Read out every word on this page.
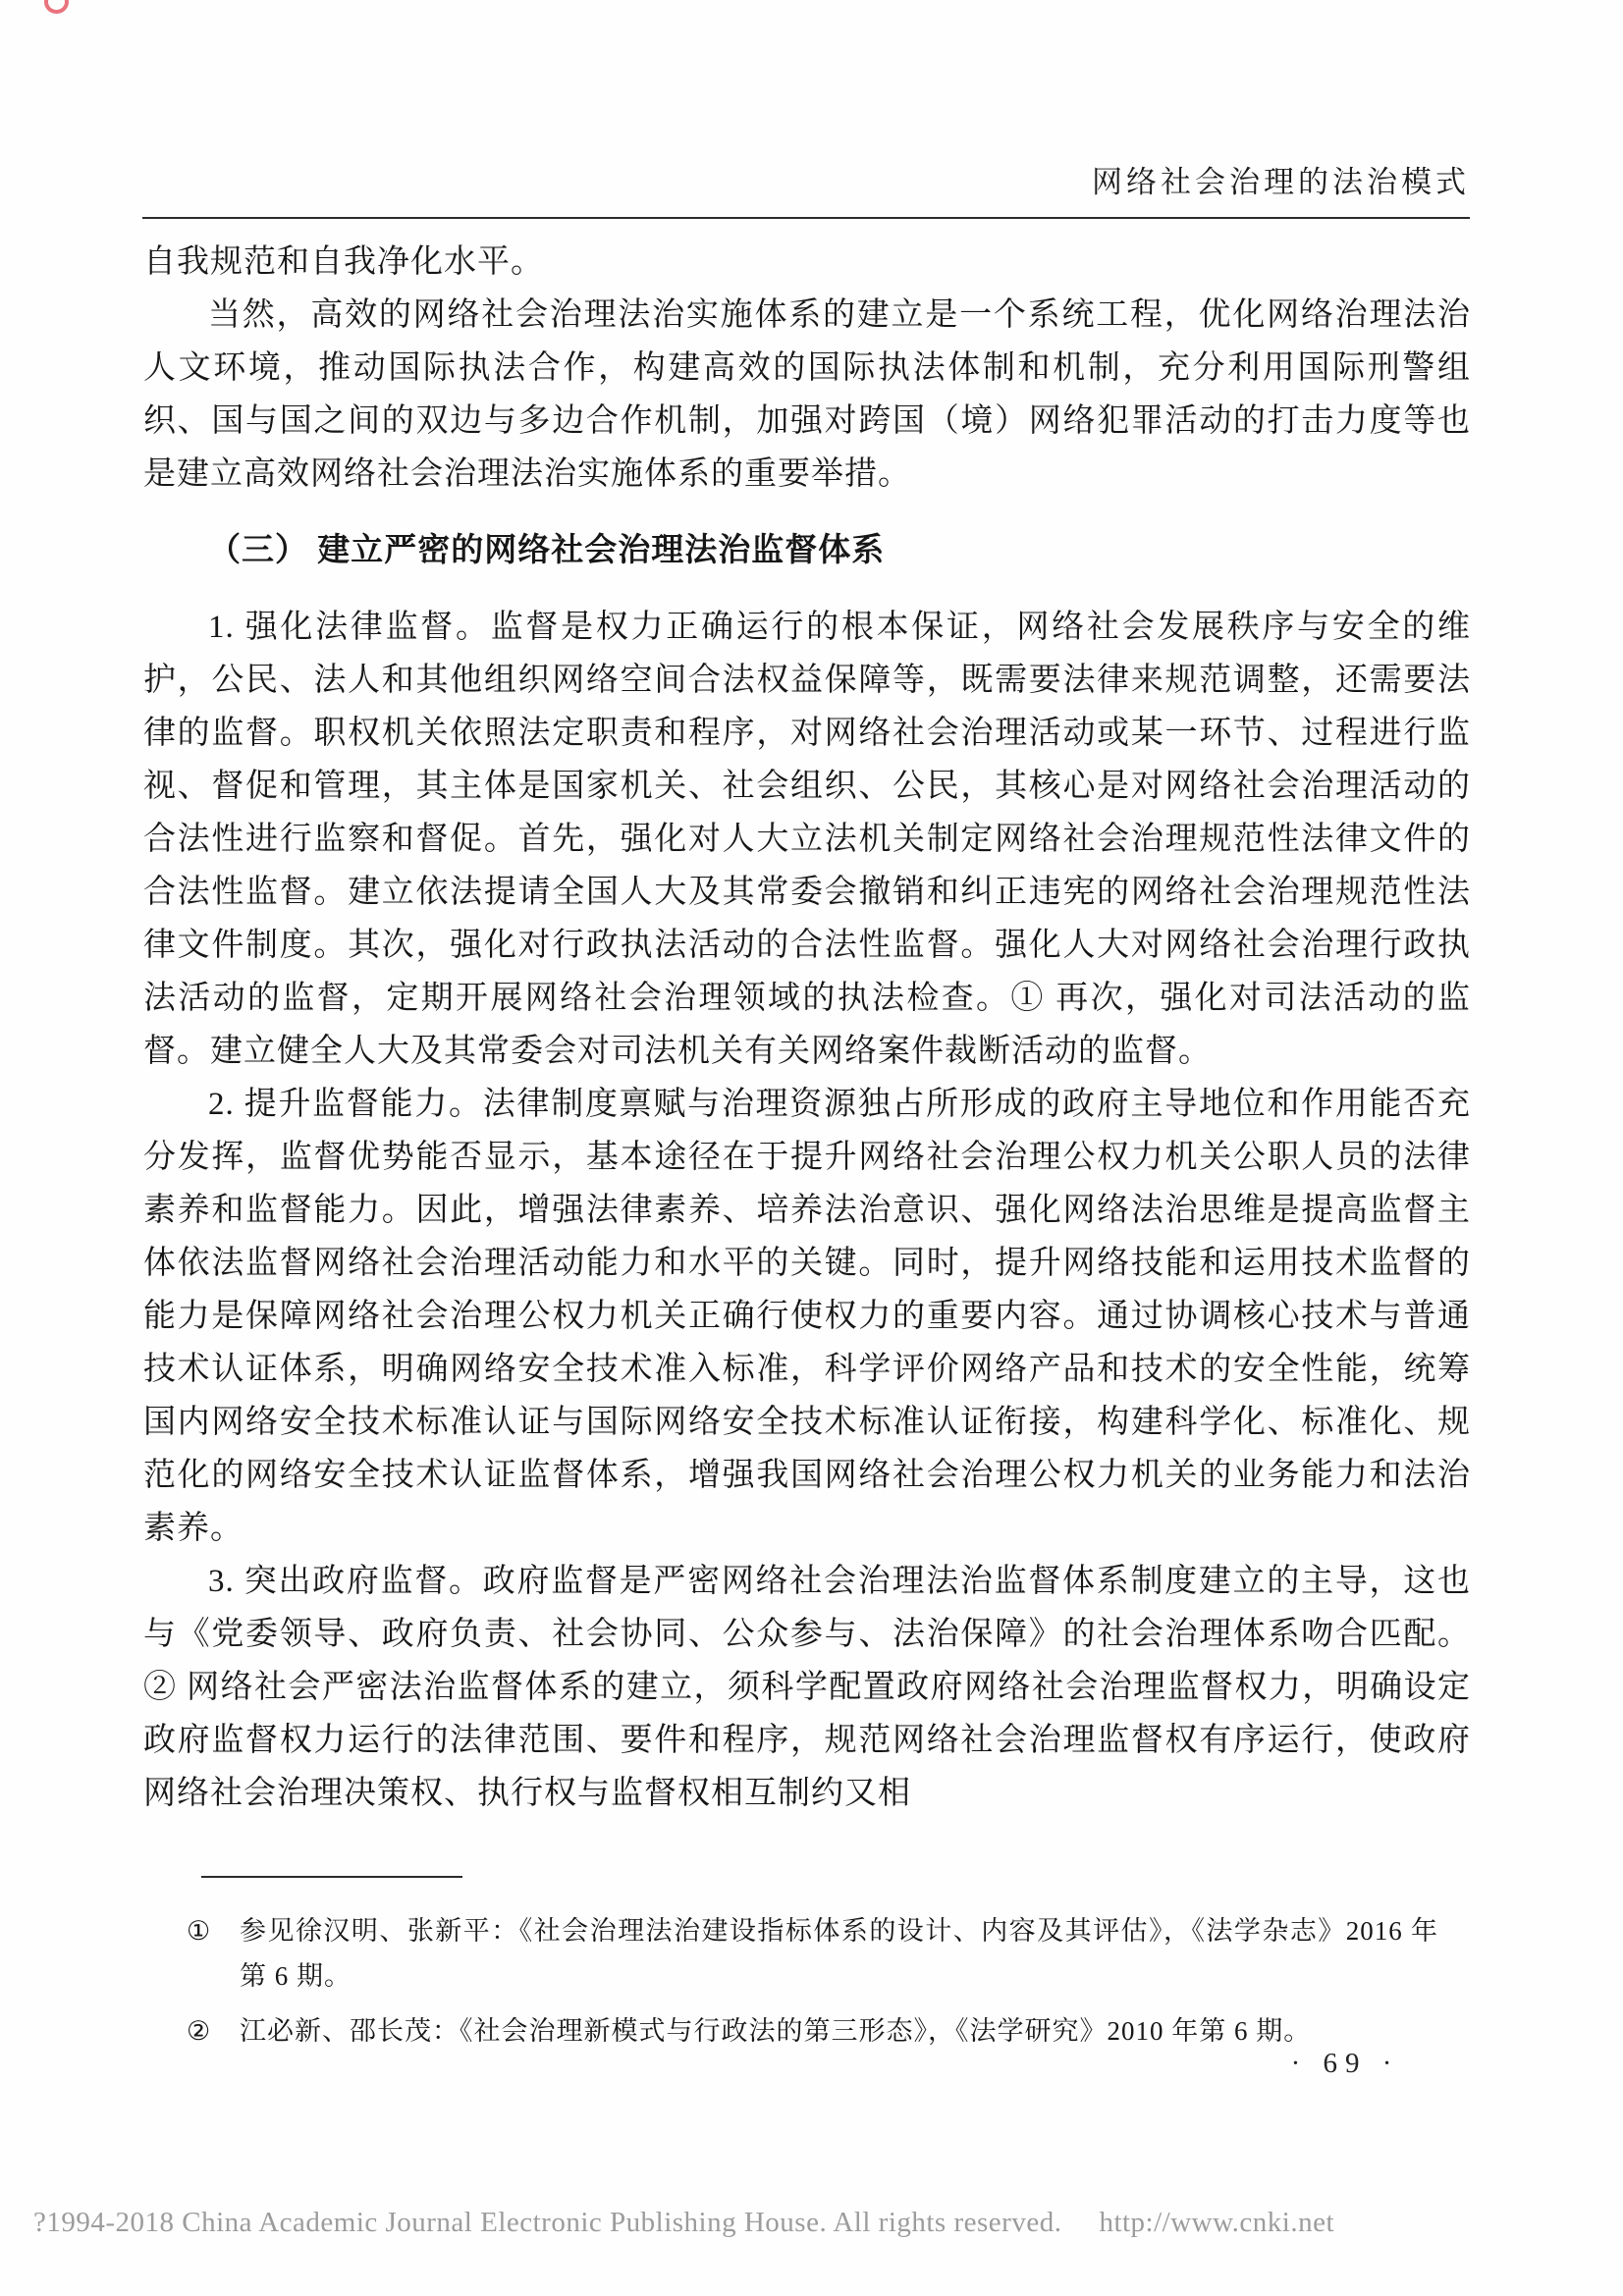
网络社会治理的法治模式

自我规范和自我净化水平。

当然，高效的网络社会治理法治实施体系的建立是一个系统工程，优化网络治理法治人文环境，推动国际执法合作，构建高效的国际执法体制和机制，充分利用国际刑警组织、国与国之间的双边与多边合作机制，加强对跨国（境）网络犯罪活动的打击力度等也是建立高效网络社会治理法治实施体系的重要举措。

（三） 建立严密的网络社会治理法治监督体系

1. 强化法律监督。监督是权力正确运行的根本保证，网络社会发展秩序与安全的维护，公民、法人和其他组织网络空间合法权益保障等，既需要法律来规范调整，还需要法律的监督。职权机关依照法定职责和程序，对网络社会治理活动或某一环节、过程进行监视、督促和管理，其主体是国家机关、社会组织、公民，其核心是对网络社会治理活动的合法性进行监察和督促。首先，强化对人大立法机关制定网络社会治理规范性法律文件的合法性监督。建立依法提请全国人大及其常委会撤销和纠正违宪的网络社会治理规范性法律文件制度。其次，强化对行政执法活动的合法性监督。强化人大对网络社会治理行政执法活动的监督，定期开展网络社会治理领域的执法检查。① 再次，强化对司法活动的监督。建立健全人大及其常委会对司法机关有关网络案件裁断活动的监督。

2. 提升监督能力。法律制度禀赋与治理资源独占所形成的政府主导地位和作用能否充分发挥，监督优势能否显示，基本途径在于提升网络社会治理公权力机关公职人员的法律素养和监督能力。因此，增强法律素养、培养法治意识、强化网络法治思维是提高监督主体依法监督网络社会治理活动能力和水平的关键。同时，提升网络技能和运用技术监督的能力是保障网络社会治理公权力机关正确行使权力的重要内容。通过协调核心技术与普通技术认证体系，明确网络安全技术准入标准，科学评价网络产品和技术的安全性能，统筹国内网络安全技术标准认证与国际网络安全技术标准认证衔接，构建科学化、标准化、规范化的网络安全技术认证监督体系，增强我国网络社会治理公权力机关的业务能力和法治素养。

3. 突出政府监督。政府监督是严密网络社会治理法治监督体系制度建立的主导，这也与《党委领导、政府负责、社会协同、公众参与、法治保障》的社会治理体系吻合匹配。② 网络社会严密法治监督体系的建立，须科学配置政府网络社会治理监督权力，明确设定政府监督权力运行的法律范围、要件和程序，规范网络社会治理监督权有序运行，使政府网络社会治理决策权、执行权与监督权相互制约又相

①	参见徐汉明、张新平：《社会治理法治建设指标体系的设计、内容及其评估》，《法学杂志》2016 年第 6 期。
②	江必新、邵长茂：《社会治理新模式与行政法的第三形态》，《法学研究》2010 年第 6 期。
· 69 ·
?1994-2018 China Academic Journal Electronic Publishing House. All rights reserved. http://www.cnki.net
